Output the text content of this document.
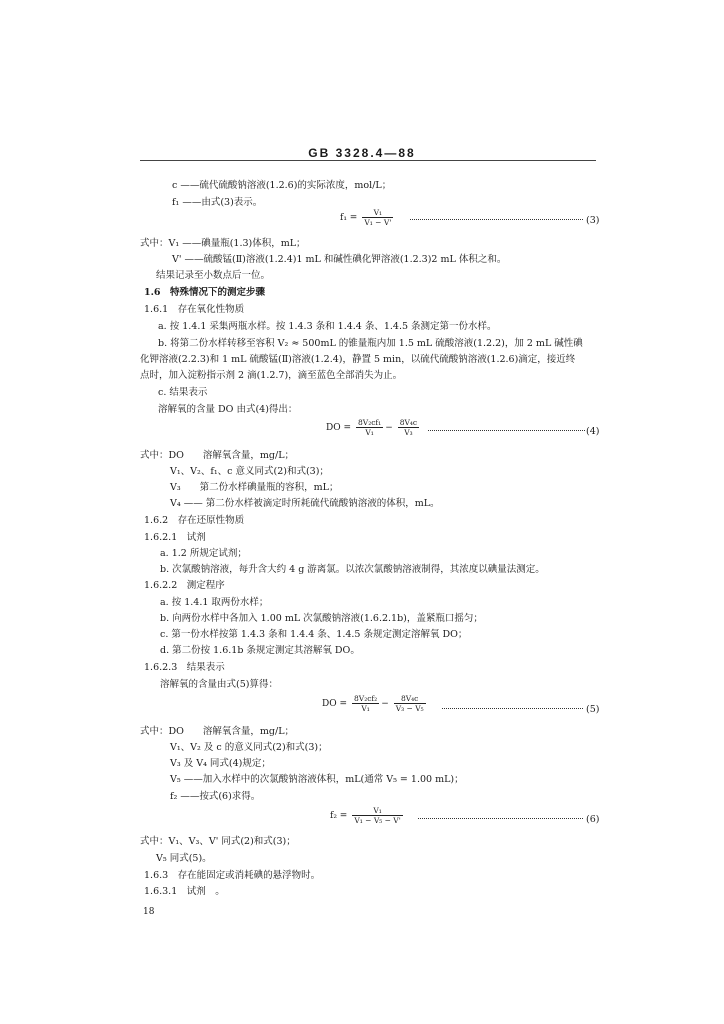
GB 3328.4—88
c ——硫代硫酸钠溶液(1.2.6)的实际浓度，mol/L；
f₁ ——由式(3)表示。
$f_1 = \frac{\text{V₁}}{\text{V₁ − V'}}$	(3)
式中：V₁ ——碘量瓶(1.3)体积，mL；
V' ——硫酸锰(Ⅱ)溶液(1.2.4)1 mL 和碱性碘化钾溶液(1.2.3)2 mL 体积之和。
结果记录至小数点后一位。
1.6　特殊情况下的测定步骤
1.6.1　存在氧化性物质
a. 按 1.4.1 采集两瓶水样。按 1.4.3 条和 1.4.4 条、1.4.5 条测定第一份水样。
b. 将第二份水样转移至容积 V₂ ≈ 500mL 的锥量瓶内加 1.5 mL 硫酸溶液(1.2.2)，加 2 mL 碱性碘
化钾溶液(2.2.3)和 1 mL 硫酸锰(Ⅱ)溶液(1.2.4)，静置 5 min，以硫代硫酸钠溶液(1.2.6)滴定，接近终
点时，加入淀粉指示剂 2 滴(1.2.7)，滴至蓝色全部消失为止。
c. 结果表示
溶解氧的含量 DO 由式(4)得出：
DO = $\frac{\text{8V₂cf₁}}{\text{V₁}} - \frac{\text{8V₄c}}{\text{V₃}}$	(4)
式中：DO　　溶解氧含量，mg/L；
V₁、V₂、f₁、c 意义同式(2)和式(3)；
V₃　　第二份水样碘量瓶的容积，mL；
V₄ —— 第二份水样被滴定时所耗硫代硫酸钠溶液的体积，mL。
1.6.2　存在还原性物质
1.6.2.1　试剂
a. 1.2 所规定试剂；
b. 次氯酸钠溶液，每升含大约 4 g 游离氯。以浓次氯酸钠溶液制得，其浓度以碘量法测定。
1.6.2.2　测定程序
a. 按 1.4.1 取两份水样；
b. 向两份水样中各加入 1.00 mL 次氯酸钠溶液(1.6.2.1b)，盖紧瓶口摇匀；
c. 第一份水样按第 1.4.3 条和 1.4.4 条、1.4.5 条规定测定溶解氧 DO；
d. 第二份按 1.6.1b 条规定测定其溶解氧 DO。
1.6.2.3　结果表示
溶解氧的含量由式(5)算得：
DO = $\frac{\text{8V₂cf₂}}{\text{V₁}} - \frac{\text{8V₄c}}{\text{V₃ − V₅}}$	(5)
式中：DO　　溶解氧含量，mg/L；
V₁、V₂ 及 c 的意义同式(2)和式(3)；
V₃ 及 V₄ 同式(4)规定；
V₅ ——加入水样中的次氯酸钠溶液体积，mL(通常 V₅ = 1.00 mL)；
f₂ ——按式(6)求得。
$f_2 = \frac{\text{V₁}}{\text{V₁ − V₅ − V'}}$	(6)
式中：V₁、V₃、V' 同式(2)和式(3)；
V₅ 同式(5)。
1.6.3　存在能固定或消耗碘的悬浮物时。
1.6.3.1　试剂　。
18
